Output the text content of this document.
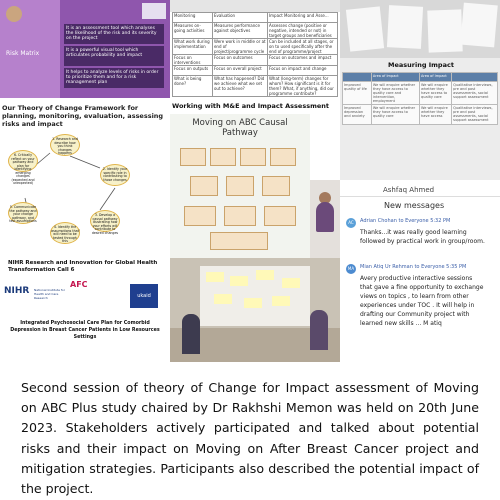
Risk Matrix
It is an assessment tool which analyses the likelihood of the risk and its severity on the project
It is a powerful visual tool which articulates probability and impact
It helps to analyze levels of risks in order to prioritize them and for a risk management plan
Monitoring	Evaluation	Impact Monitoring and Asse...
Measures on-going activities	Measures performance against objectives	Assesses change (positive or negative, intended or not) in target groups and beneficiaries
What work during implementation	Were work in middle or at end of project/programme cycle	Can be included at all stages, or on to used specifically after the end of programme/project
Focus on interventions	Focus on outcomes	Focus on outcomes and impact
Focus on outputs	Focus on overall project	Focus on impact and change
What is being done?	What has happened? Did we achieve what we set out to achieve?	What (long-term) changes for whom? How significant is it for them? What, if anything, did our programme contribute?
Working with M&E and Impact Assessment
Measuring Impact
	Area of Impact	Area of Impact	
Improved quality of life	We will enquire whether they have access to quality care and intervention, employment	We will enquire whether they have access to quality care	Qualitative interviews, pre and post assessments, social support assessment
Improved depression and anxiety	We will enquire whether they have access to quality care	We will enquire whether they have access	Qualitative interviews, pre and post assessments, social support assessment
Our Theory of Change Framework for planning, monitoring, evaluation, assessing risks and impact
1. Research and describe how you think changes happens
2. Identify your specific role in contributing to those changes
3. Develop a causal pathway illustrating how your efforts will contribute to desired changes
4. Identify the assumptions that will need to be tested through this
5. Communicate the pathway and your change pathway, and test assumptions
6. Critically reflect on your pathway and plan for identifying emerging changes (expected and unexpected)
Moving on ABC Causal Pathway
Ashfaq Ahmed
New messages
AC	Adrian Chohan to Everyone 5:32 PM
Thanks...it was really good learning followed by practical work in group/room.
MA	Mian Atiq Ur Rehman to Everyone 5:35 PM
Avery productive interactive sessions that gave a fine opportunity to exchange views on topics , to learn from other experiences under TOC . It will help in drafting our Community project with learned new skills ... M atiq
NIHR Research and Innovation for Global Health Transformation Call 6
NIHR National Institute for Health and Care Research
AFC
ukaid
Integrated Psychosocial Care Plan for Comorbid Depression in Breast Cancer Patients in Low Resources Settings
Second session of theory of Change for Impact assessment of Moving on ABC Plus study chaired by Dr Rakhshi Memon was held on 20th June 2023. Stakeholders actively participated and talked about potential risks and their impact on Moving on After Breast Cancer project and mitigation strategies. Participants also described the potential impact of the project.
